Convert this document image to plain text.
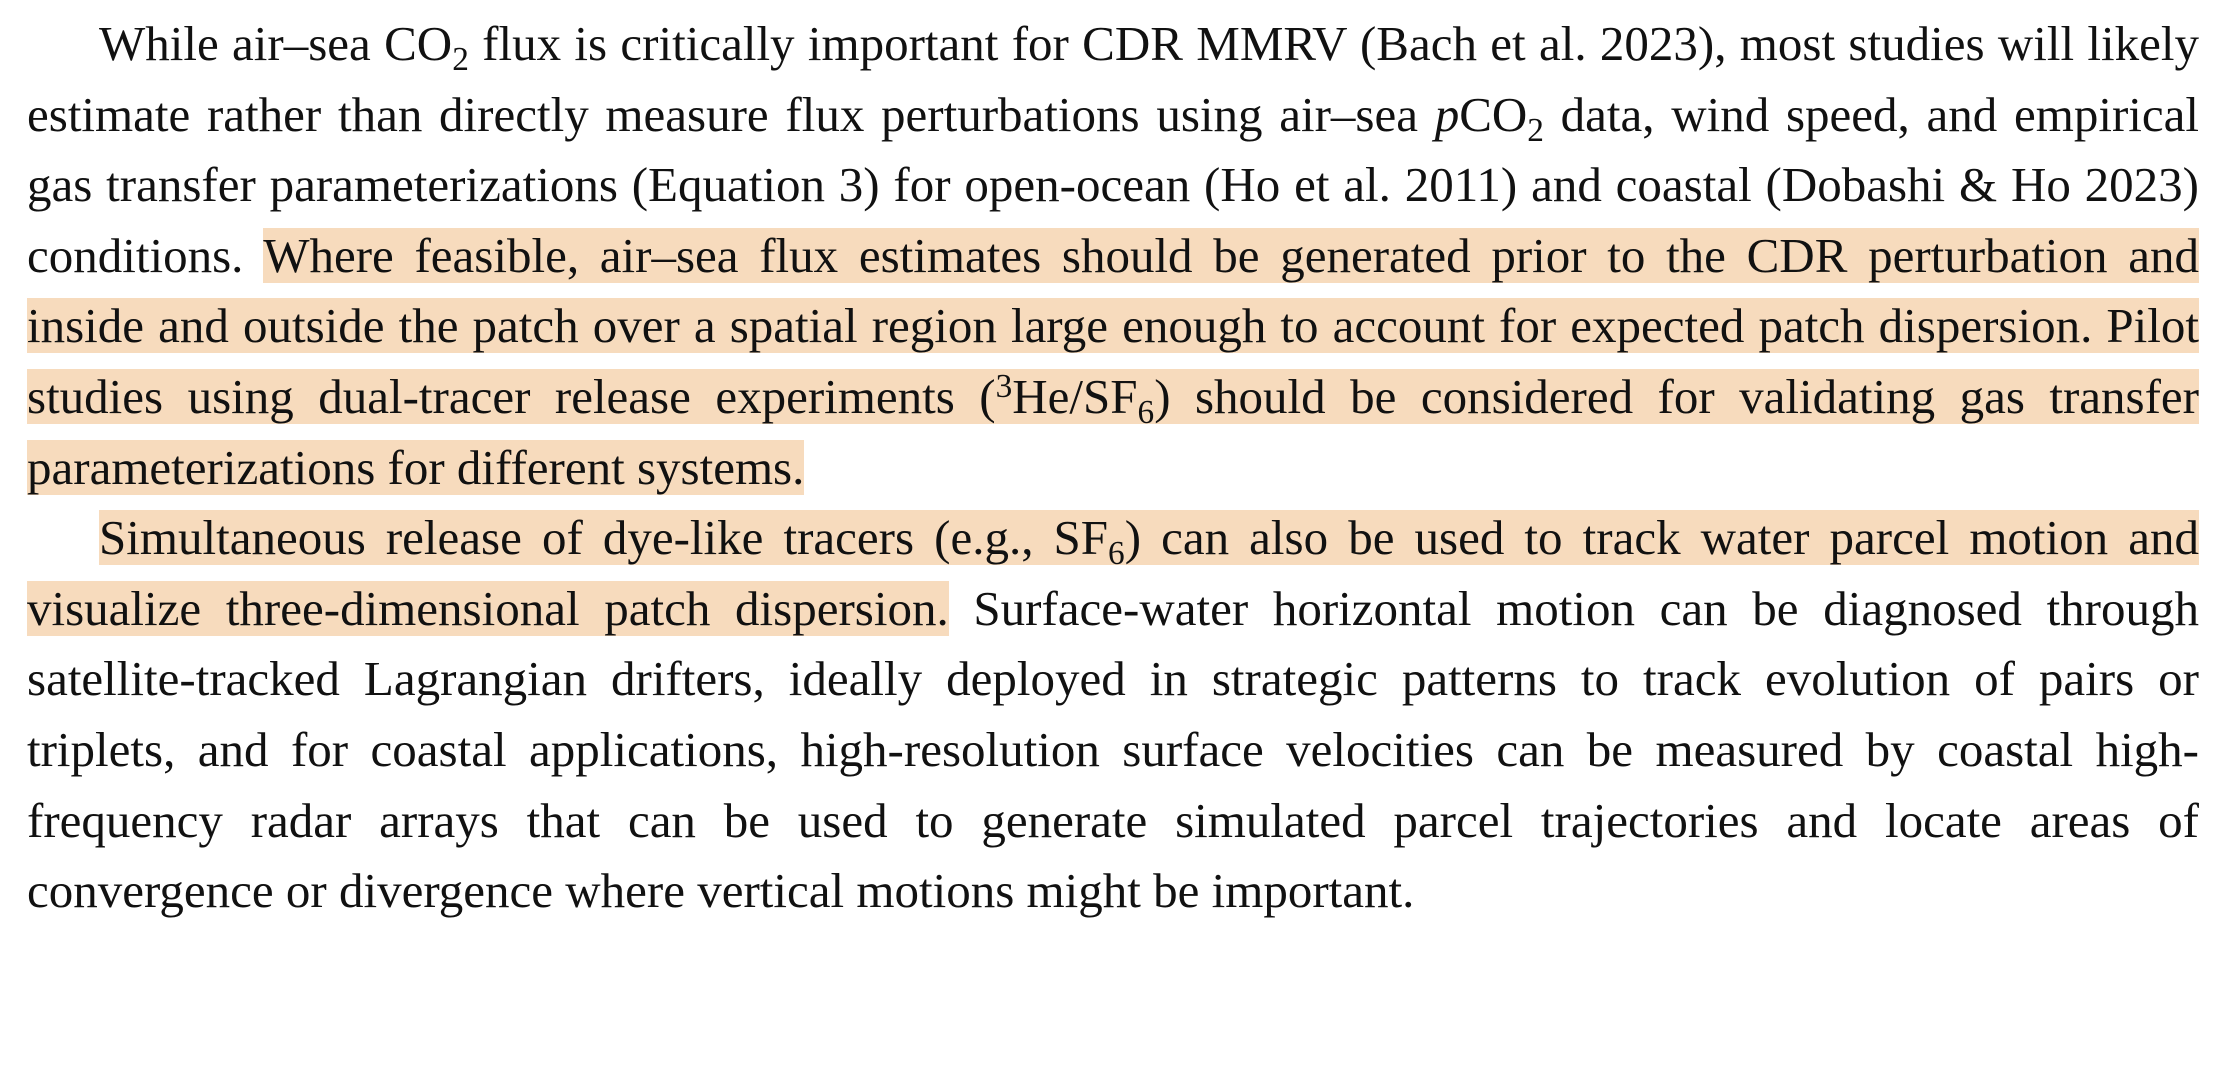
While air–sea $CO_2$ flux is critically important for CDR MMRV (Bach et al. 2023), most studies will likely estimate rather than directly measure flux perturbations using air–sea pCO$_2$ data, wind speed, and empirical gas transfer parameterizations (Equation 3) for open-ocean (Ho et al. 2011) and coastal (Dobashi & Ho 2023) conditions. Where feasible, air–sea flux estimates should be generated prior to the CDR perturbation and inside and outside the patch over a spatial region large enough to account for expected patch dispersion. Pilot studies using dual-tracer release experiments $(^3He/SF_6)$ should be considered for validating gas transfer parameterizations for different systems.

Simultaneous release of dye-like tracers (e.g., $SF_6$) can also be used to track water parcel motion and visualize three-dimensional patch dispersion. Surface-water horizontal motion can be diagnosed through satellite-tracked Lagrangian drifters, ideally deployed in strategic patterns to track evolution of pairs or triplets, and for coastal applications, high-resolution surface velocities can be measured by coastal high-frequency radar arrays that can be used to generate simulated parcel trajectories and locate areas of convergence or divergence where vertical motions might be important.
